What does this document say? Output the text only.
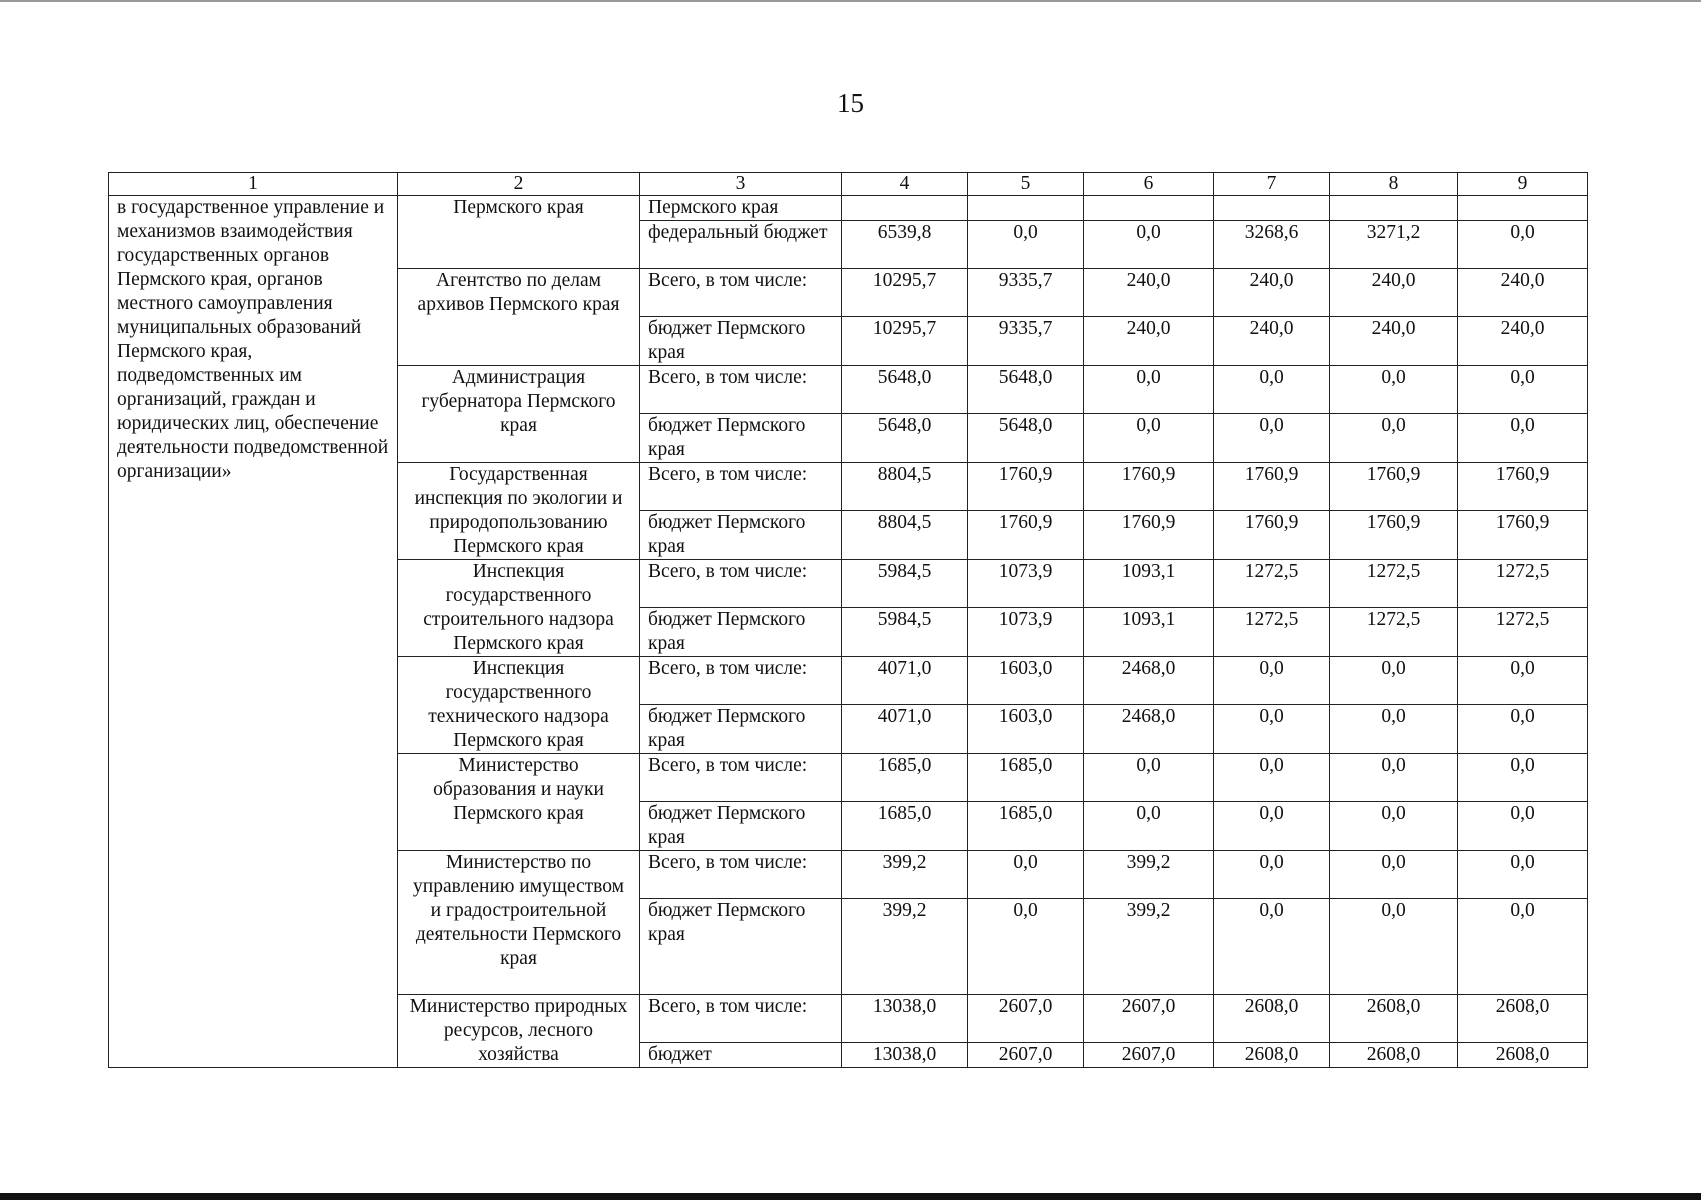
15
1	2	3	4	5	6	7	8	9
в государственное управление и механизмов взаимодействия государственных органов Пермского края, органов местного самоуправления муниципальных образований Пермского края, подведомственных им организаций, граждан и юридических лиц, обеспечение деятельности подведомственной организации»	Пермского края	Пермского края						
		федеральный бюджет	6539,8	0,0	0,0	3268,6	3271,2	0,0
	Агентство по делам архивов Пермского края	Всего, в том числе:	10295,7	9335,7	240,0	240,0	240,0	240,0
		бюджет Пермского края	10295,7	9335,7	240,0	240,0	240,0	240,0
	Администрация губернатора Пермского края	Всего, в том числе:	5648,0	5648,0	0,0	0,0	0,0	0,0
		бюджет Пермского края	5648,0	5648,0	0,0	0,0	0,0	0,0
	Государственная инспекция по экологии и природопользованию Пермского края	Всего, в том числе:	8804,5	1760,9	1760,9	1760,9	1760,9	1760,9
		бюджет Пермского края	8804,5	1760,9	1760,9	1760,9	1760,9	1760,9
	Инспекция государственного строительного надзора Пермского края	Всего, в том числе:	5984,5	1073,9	1093,1	1272,5	1272,5	1272,5
		бюджет Пермского края	5984,5	1073,9	1093,1	1272,5	1272,5	1272,5
	Инспекция государственного технического надзора Пермского края	Всего, в том числе:	4071,0	1603,0	2468,0	0,0	0,0	0,0
		бюджет Пермского края	4071,0	1603,0	2468,0	0,0	0,0	0,0
	Министерство образования и науки Пермского края	Всего, в том числе:	1685,0	1685,0	0,0	0,0	0,0	0,0
		бюджет Пермского края	1685,0	1685,0	0,0	0,0	0,0	0,0
	Министерство по управлению имуществом и градостроительной деятельности Пермского края	Всего, в том числе:	399,2	0,0	399,2	0,0	0,0	0,0
		бюджет Пермского края	399,2	0,0	399,2	0,0	0,0	0,0
	Министерство природных ресурсов, лесного хозяйства	Всего, в том числе:	13038,0	2607,0	2607,0	2608,0	2608,0	2608,0
		бюджет	13038,0	2607,0	2607,0	2608,0	2608,0	2608,0
